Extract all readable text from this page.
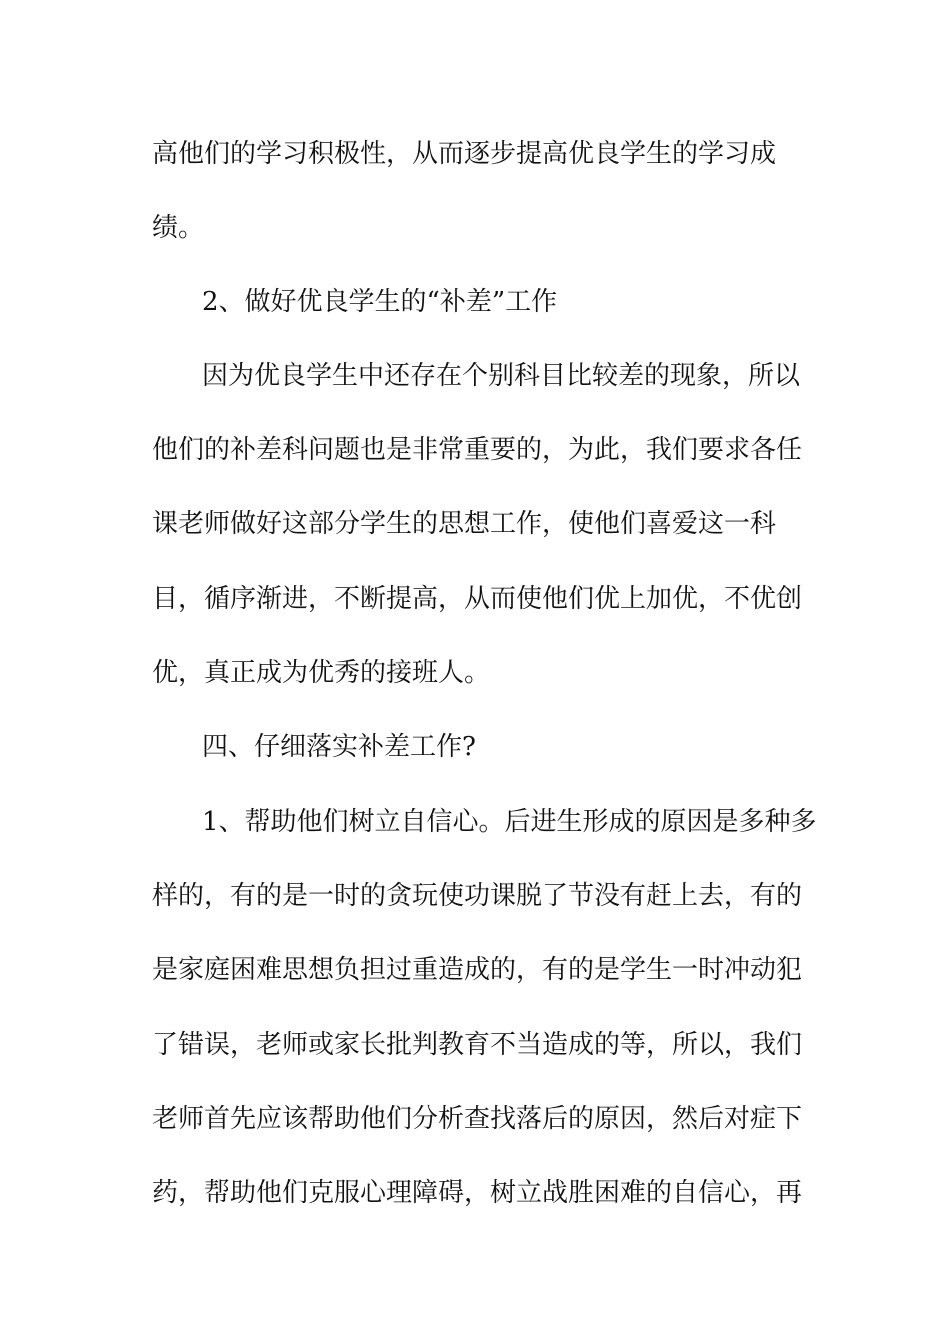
高他们的学习积极性，从而逐步提高优良学生的学习成
绩。
2、做好优良学生的“补差”工作
因为优良学生中还存在个别科目比较差的现象，所以
他们的补差科问题也是非常重要的，为此，我们要求各任
课老师做好这部分学生的思想工作，使他们喜爱这一科
目，循序渐进，不断提高，从而使他们优上加优，不优创
优，真正成为优秀的接班人。
四、仔细落实补差工作?
1、帮助他们树立自信心。后进生形成的原因是多种多
样的，有的是一时的贪玩使功课脱了节没有赶上去，有的
是家庭困难思想负担过重造成的，有的是学生一时冲动犯
了错误，老师或家长批判教育不当造成的等，所以，我们
老师首先应该帮助他们分析查找落后的原因，然后对症下
药，帮助他们克服心理障碍，树立战胜困难的自信心，再
